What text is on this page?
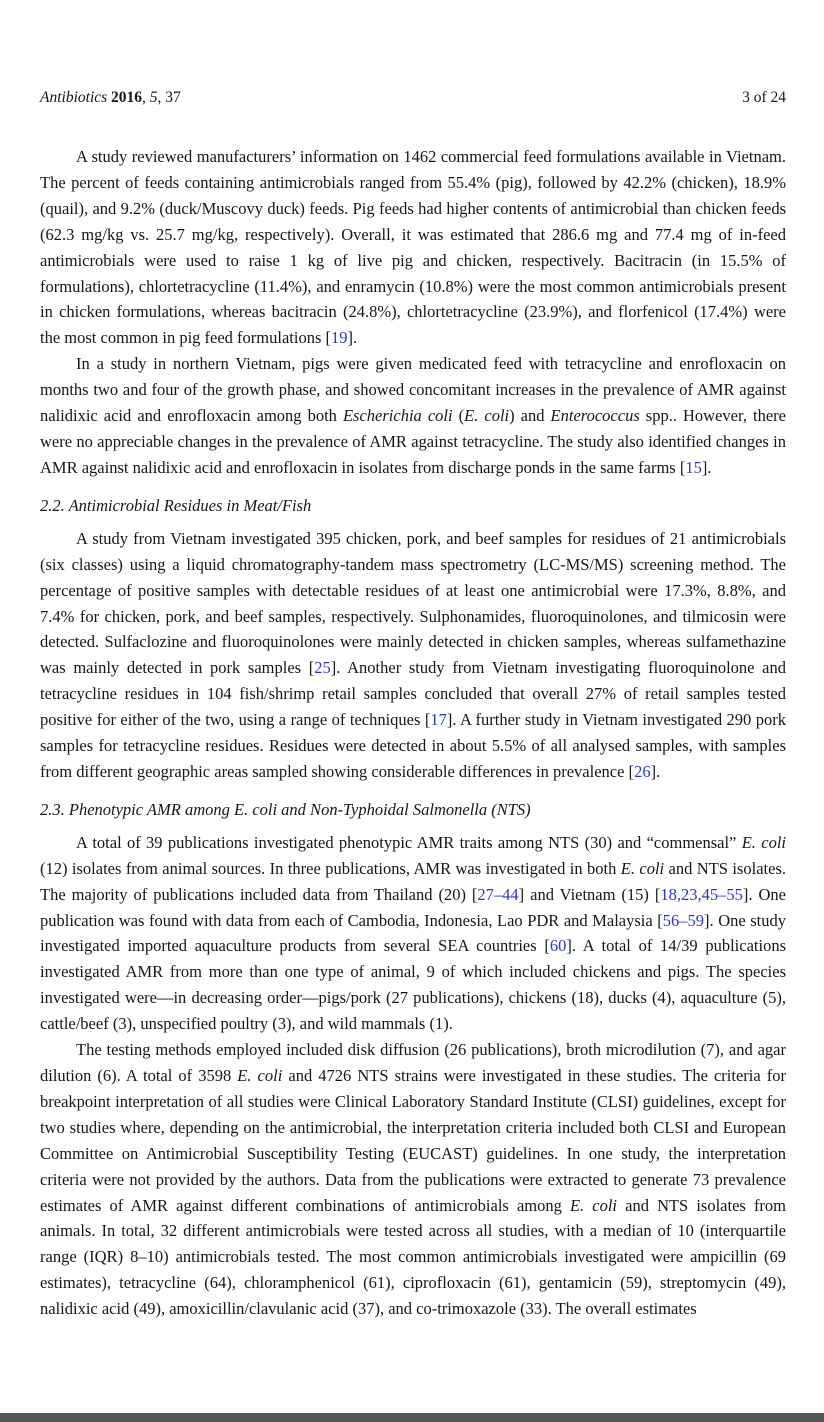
Antibiotics 2016, 5, 37	3 of 24

A study reviewed manufacturers’ information on 1462 commercial feed formulations available in Vietnam. The percent of feeds containing antimicrobials ranged from 55.4% (pig), followed by 42.2% (chicken), 18.9% (quail), and 9.2% (duck/Muscovy duck) feeds. Pig feeds had higher contents of antimicrobial than chicken feeds (62.3 mg/kg vs. 25.7 mg/kg, respectively). Overall, it was estimated that 286.6 mg and 77.4 mg of in-feed antimicrobials were used to raise 1 kg of live pig and chicken, respectively. Bacitracin (in 15.5% of formulations), chlortetracycline (11.4%), and enramycin (10.8%) were the most common antimicrobials present in chicken formulations, whereas bacitracin (24.8%), chlortetracycline (23.9%), and florfenicol (17.4%) were the most common in pig feed formulations [19].

In a study in northern Vietnam, pigs were given medicated feed with tetracycline and enrofloxacin on months two and four of the growth phase, and showed concomitant increases in the prevalence of AMR against nalidixic acid and enrofloxacin among both Escherichia coli (E. coli) and Enterococcus spp.. However, there were no appreciable changes in the prevalence of AMR against tetracycline. The study also identified changes in AMR against nalidixic acid and enrofloxacin in isolates from discharge ponds in the same farms [15].

2.2. Antimicrobial Residues in Meat/Fish

A study from Vietnam investigated 395 chicken, pork, and beef samples for residues of 21 antimicrobials (six classes) using a liquid chromatography-tandem mass spectrometry (LC-MS/MS) screening method. The percentage of positive samples with detectable residues of at least one antimicrobial were 17.3%, 8.8%, and 7.4% for chicken, pork, and beef samples, respectively. Sulphonamides, fluoroquinolones, and tilmicosin were detected. Sulfaclozine and fluoroquinolones were mainly detected in chicken samples, whereas sulfamethazine was mainly detected in pork samples [25]. Another study from Vietnam investigating fluoroquinolone and tetracycline residues in 104 fish/shrimp retail samples concluded that overall 27% of retail samples tested positive for either of the two, using a range of techniques [17]. A further study in Vietnam investigated 290 pork samples for tetracycline residues. Residues were detected in about 5.5% of all analysed samples, with samples from different geographic areas sampled showing considerable differences in prevalence [26].

2.3. Phenotypic AMR among E. coli and Non-Typhoidal Salmonella (NTS)

A total of 39 publications investigated phenotypic AMR traits among NTS (30) and “commensal” E. coli (12) isolates from animal sources. In three publications, AMR was investigated in both E. coli and NTS isolates. The majority of publications included data from Thailand (20) [27–44] and Vietnam (15) [18,23,45–55]. One publication was found with data from each of Cambodia, Indonesia, Lao PDR and Malaysia [56–59]. One study investigated imported aquaculture products from several SEA countries [60]. A total of 14/39 publications investigated AMR from more than one type of animal, 9 of which included chickens and pigs. The species investigated were—in decreasing order—pigs/pork (27 publications), chickens (18), ducks (4), aquaculture (5), cattle/beef (3), unspecified poultry (3), and wild mammals (1).

The testing methods employed included disk diffusion (26 publications), broth microdilution (7), and agar dilution (6). A total of 3598 E. coli and 4726 NTS strains were investigated in these studies. The criteria for breakpoint interpretation of all studies were Clinical Laboratory Standard Institute (CLSI) guidelines, except for two studies where, depending on the antimicrobial, the interpretation criteria included both CLSI and European Committee on Antimicrobial Susceptibility Testing (EUCAST) guidelines. In one study, the interpretation criteria were not provided by the authors. Data from the publications were extracted to generate 73 prevalence estimates of AMR against different combinations of antimicrobials among E. coli and NTS isolates from animals. In total, 32 different antimicrobials were tested across all studies, with a median of 10 (interquartile range (IQR) 8–10) antimicrobials tested. The most common antimicrobials investigated were ampicillin (69 estimates), tetracycline (64), chloramphenicol (61), ciprofloxacin (61), gentamicin (59), streptomycin (49), nalidixic acid (49), amoxicillin/clavulanic acid (37), and co-trimoxazole (33). The overall estimates
